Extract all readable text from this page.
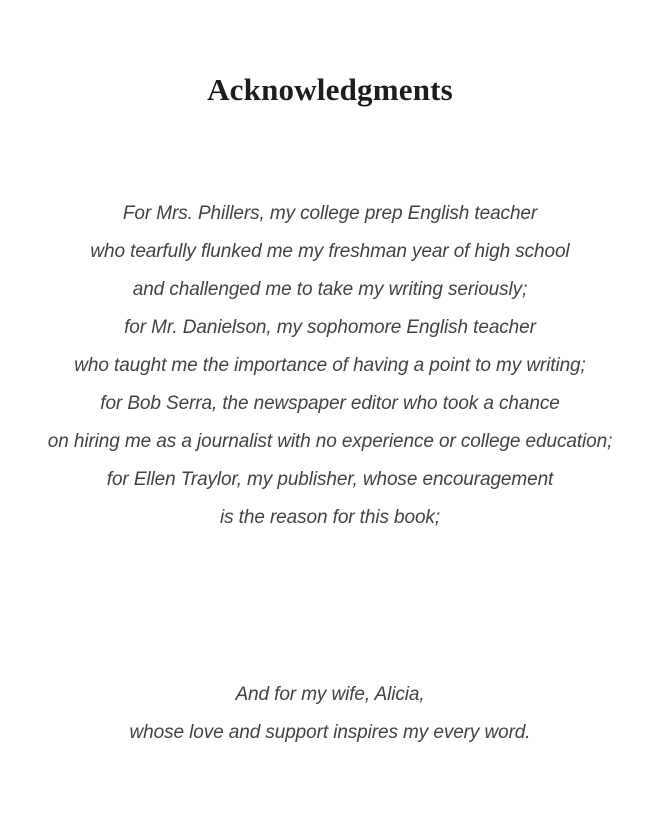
Acknowledgments
For Mrs. Phillers, my college prep English teacher
who tearfully flunked me my freshman year of high school
and challenged me to take my writing seriously;
for Mr. Danielson, my sophomore English teacher
who taught me the importance of having a point to my writing;
for Bob Serra, the newspaper editor who took a chance
on hiring me as a journalist with no experience or college education;
for Ellen Traylor, my publisher, whose encouragement
is the reason for this book;
And for my wife, Alicia,
whose love and support inspires my every word.
